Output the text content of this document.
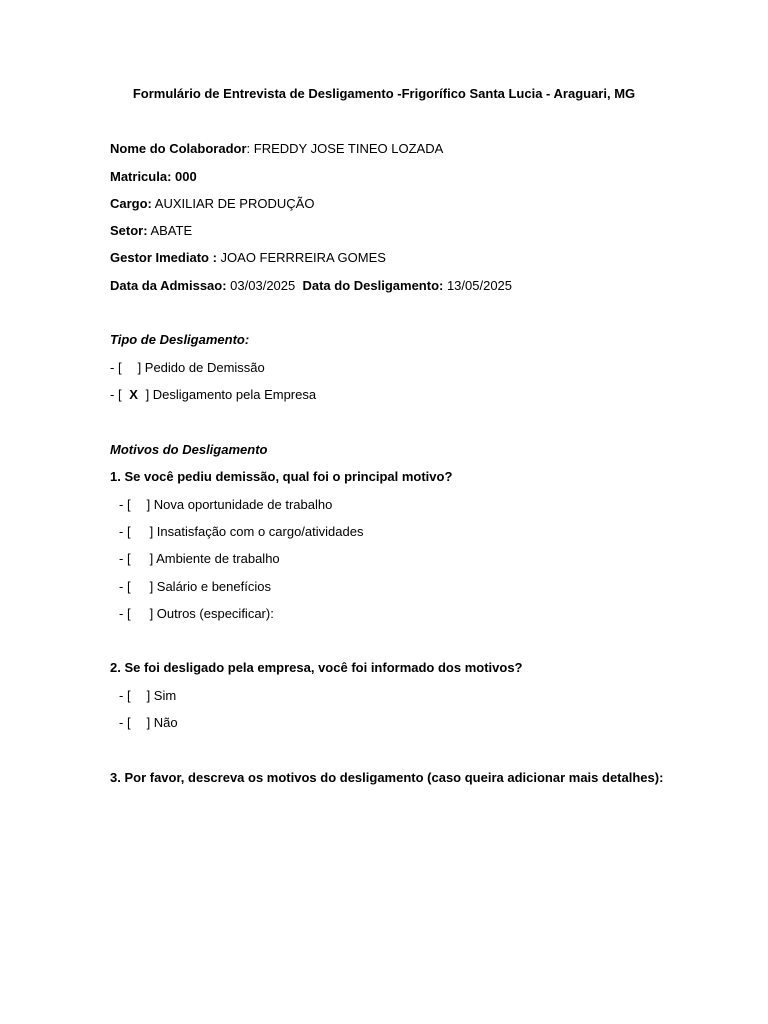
Formulário de Entrevista de Desligamento -Frigorífico Santa Lucia - Araguari, MG
Nome do Colaborador: FREDDY JOSE TINEO LOZADA
Matricula: 000
Cargo: AUXILIAR DE PRODUÇÃO
Setor: ABATE
Gestor Imediato : JOAO FERRREIRA GOMES
Data da Admissao: 03/03/2025 Data do Desligamento: 13/05/2025
Tipo de Desligamento:
- [ ] Pedido de Demissão
- [ X ] Desligamento pela Empresa
Motivos do Desligamento
1. Se você pediu demissão, qual foi o principal motivo?
- [ ] Nova oportunidade de trabalho
- [ ] Insatisfação com o cargo/atividades
- [ ] Ambiente de trabalho
- [ ] Salário e benefícios
- [ ] Outros (especificar):
2. Se foi desligado pela empresa, você foi informado dos motivos?
- [ ] Sim
- [ ] Não
3. Por favor, descreva os motivos do desligamento (caso queira adicionar mais detalhes):
